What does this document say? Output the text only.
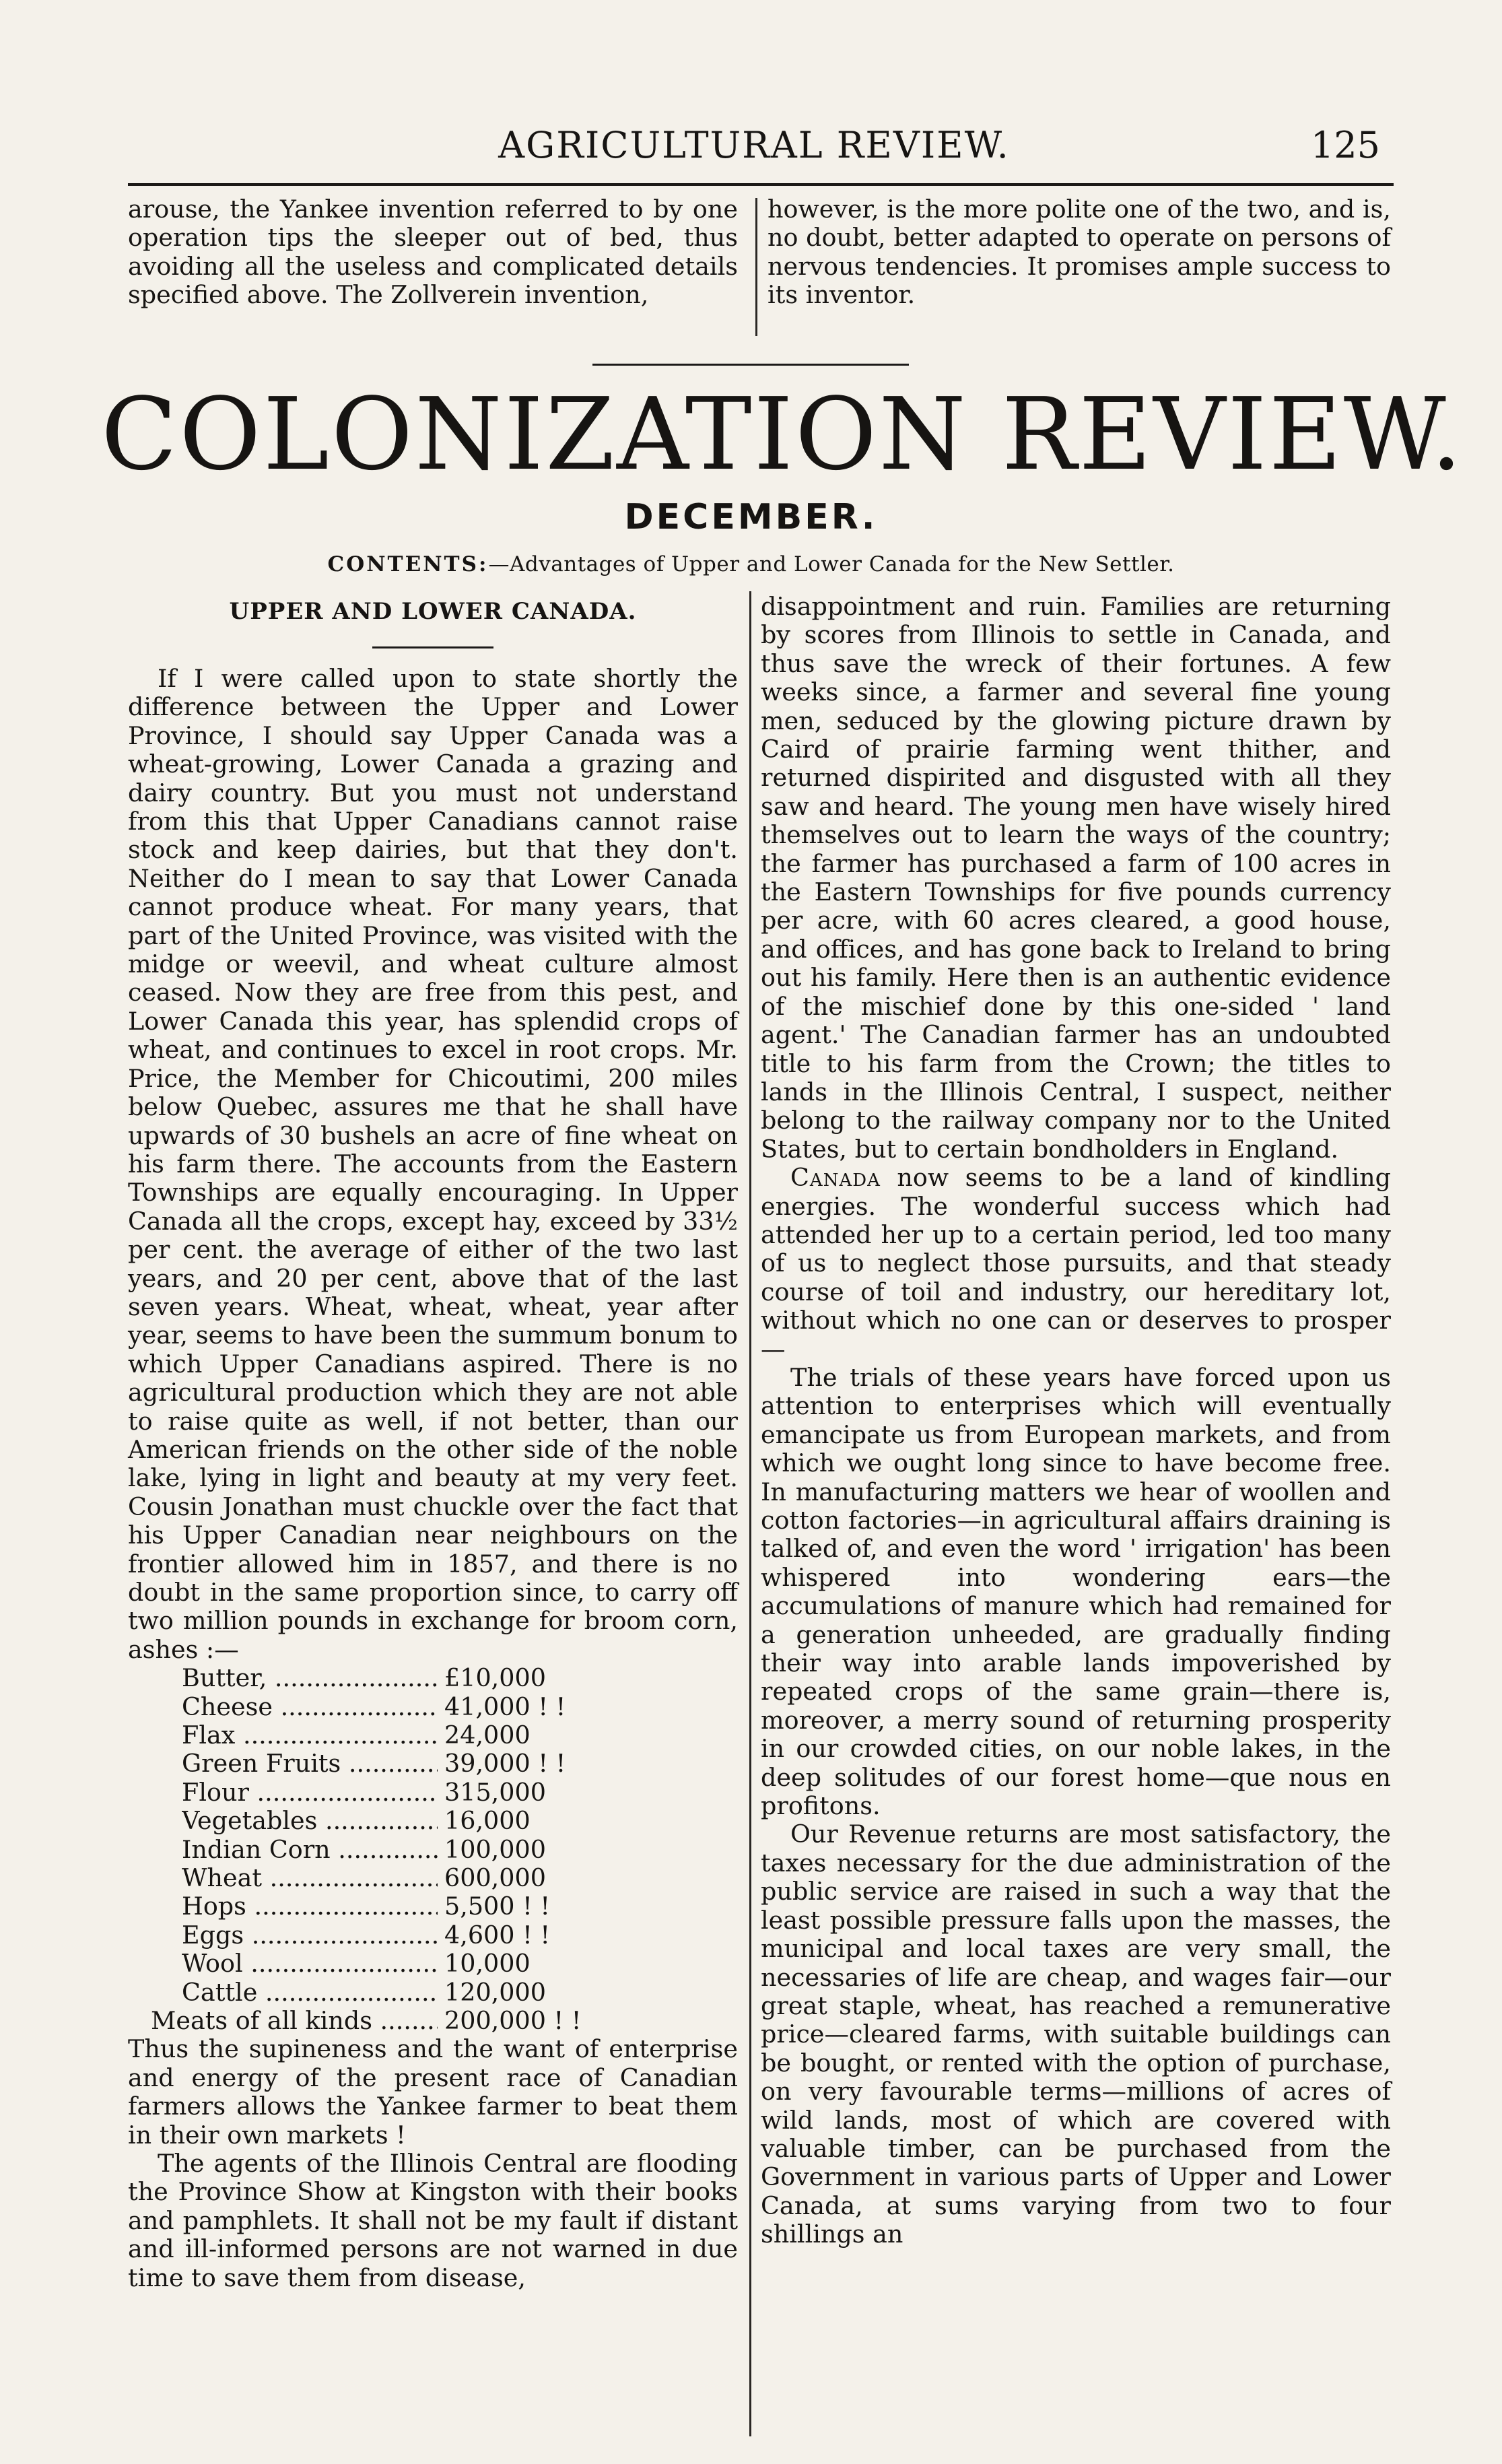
AGRICULTURAL REVIEW.	125

arouse, the Yankee invention referred to by one operation tips the sleeper out of bed, thus avoiding all the useless and complicated details specified above. The Zollverein invention,

however, is the more polite one of the two, and is, no doubt, better adapted to operate on persons of nervous tendencies. It promises ample success to its inventor.

COLONIZATION REVIEW.
DECEMBER.
CONTENTS:—Advantages of Upper and Lower Canada for the New Settler.
UPPER AND LOWER CANADA.

If I were called upon to state shortly the difference between the Upper and Lower Province, I should say Upper Canada was a wheat-growing, Lower Canada a grazing and dairy country. But you must not understand from this that Upper Canadians cannot raise stock and keep dairies, but that they don't. Neither do I mean to say that Lower Canada cannot produce wheat. For many years, that part of the United Province, was visited with the midge or weevil, and wheat culture almost ceased. Now they are free from this pest, and Lower Canada this year, has splendid crops of wheat, and continues to excel in root crops. Mr. Price, the Member for Chicoutimi, 200 miles below Quebec, assures me that he shall have upwards of 30 bushels an acre of fine wheat on his farm there. The accounts from the Eastern Townships are equally encouraging. In Upper Canada all the crops, except hay, exceed by 33½ per cent. the average of either of the two last years, and 20 per cent, above that of the last seven years. Wheat, wheat, wheat, year after year, seems to have been the summum bonum to which Upper Canadians aspired. There is no agricultural production which they are not able to raise quite as well, if not better, than our American friends on the other side of the noble lake, lying in light and beauty at my very feet. Cousin Jonathan must chuckle over the fact that his Upper Canadian near neighbours on the frontier allowed him in 1857, and there is no doubt in the same proportion since, to carry off two million pounds in exchange for broom corn, ashes :—

Butter, .....	£10,000
Cheese .....	41,000 ! !
Flax .....	24,000
Green Fruits .....	39,000 ! !
Flour .....	315,000
Vegetables .....	16,000
Indian Corn .....	100,000
Wheat .....	600,000
Hops .....	5,500 ! !
Eggs .....	4,600 ! !
Wool .....	10,000
Cattle .....	120,000
Meats of all kinds .....	200,000 ! !

Thus the supineness and the want of enterprise and energy of the present race of Canadian farmers allows the Yankee farmer to beat them in their own markets !

The agents of the Illinois Central are flooding the Province Show at Kingston with their books and pamphlets. It shall not be my fault if distant and ill-informed persons are not warned in due time to save them from disease,

disappointment and ruin. Families are returning by scores from Illinois to settle in Canada, and thus save the wreck of their fortunes. A few weeks since, a farmer and several fine young men, seduced by the glowing picture drawn by Caird of prairie farming went thither, and returned dispirited and disgusted with all they saw and heard. The young men have wisely hired themselves out to learn the ways of the country; the farmer has purchased a farm of 100 acres in the Eastern Townships for five pounds currency per acre, with 60 acres cleared, a good house, and offices, and has gone back to Ireland to bring out his family. Here then is an authentic evidence of the mischief done by this one-sided ' land agent.' The Canadian farmer has an undoubted title to his farm from the Crown; the titles to lands in the Illinois Central, I suspect, neither belong to the railway company nor to the United States, but to certain bondholders in England.

Canada now seems to be a land of kindling energies. The wonderful success which had attended her up to a certain period, led too many of us to neglect those pursuits, and that steady course of toil and industry, our hereditary lot, without which no one can or deserves to prosper—

The trials of these years have forced upon us attention to enterprises which will eventually emancipate us from European markets, and from which we ought long since to have become free. In manufacturing matters we hear of woollen and cotton factories—in agricultural affairs draining is talked of, and even the word ' irrigation' has been whispered into wondering ears—the accumulations of manure which had remained for a generation unheeded, are gradually finding their way into arable lands impoverished by repeated crops of the same grain—there is, moreover, a merry sound of returning prosperity in our crowded cities, on our noble lakes, in the deep solitudes of our forest home—que nous en profitons.

Our Revenue returns are most satisfactory, the taxes necessary for the due administration of the public service are raised in such a way that the least possible pressure falls upon the masses, the municipal and local taxes are very small, the necessaries of life are cheap, and wages fair—our great staple, wheat, has reached a remunerative price—cleared farms, with suitable buildings can be bought, or rented with the option of purchase, on very favourable terms—millions of acres of wild lands, most of which are covered with valuable timber, can be purchased from the Government in various parts of Upper and Lower Canada, at sums varying from two to four shillings an
